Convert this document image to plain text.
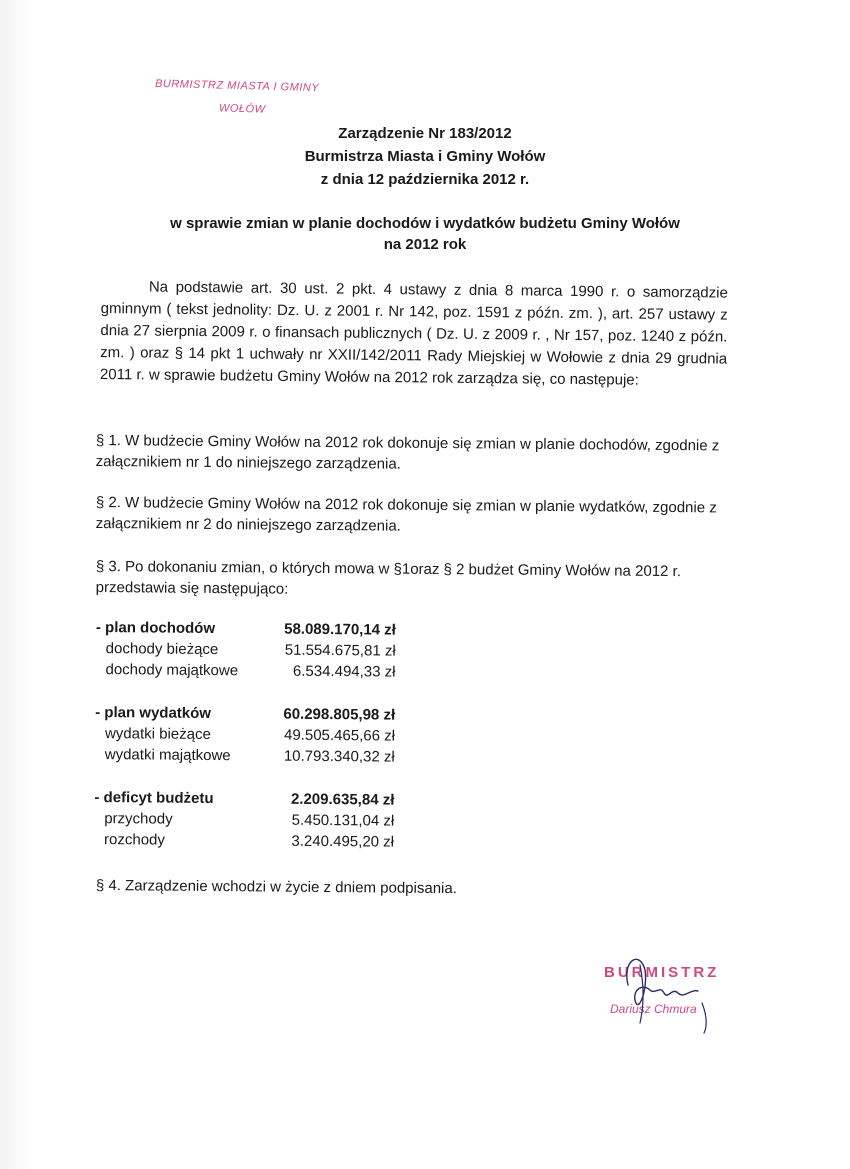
BURMISTRZ MIASTA I GMINY
WOŁÓW
Zarządzenie Nr 183/2012
Burmistrza Miasta i Gminy Wołów
z dnia 12 października 2012 r.
w sprawie zmian w planie dochodów i wydatków budżetu Gminy Wołów
na 2012 rok
Na podstawie art. 30 ust. 2 pkt. 4 ustawy z dnia 8 marca 1990 r. o samorządzie gminnym ( tekst jednolity: Dz. U. z 2001 r. Nr 142, poz. 1591 z późn. zm. ), art. 257 ustawy z dnia 27 sierpnia 2009 r. o finansach publicznych ( Dz. U. z 2009 r. , Nr 157, poz. 1240 z późn. zm. ) oraz § 14 pkt 1 uchwały nr XXII/142/2011 Rady Miejskiej w Wołowie z dnia 29 grudnia 2011 r. w sprawie budżetu Gminy Wołów na 2012 rok zarządza się, co następuje:
§ 1. W budżecie Gminy Wołów na 2012 rok dokonuje się zmian w planie dochodów, zgodnie z załącznikiem nr 1 do niniejszego zarządzenia.
§ 2. W budżecie Gminy Wołów na 2012 rok dokonuje się zmian w planie wydatków, zgodnie z załącznikiem nr 2 do niniejszego zarządzenia.
§ 3. Po dokonaniu zmian, o których mowa w §1oraz § 2 budżet Gminy Wołów na 2012 r. przedstawia się następująco:
- plan dochodów	58.089.170,14 zł
dochody bieżące	51.554.675,81 zł
dochody majątkowe	6.534.494,33 zł
- plan wydatków	60.298.805,98 zł
wydatki bieżące	49.505.465,66 zł
wydatki majątkowe	10.793.340,32 zł
- deficyt budżetu	2.209.635,84 zł
przychody	5.450.131,04 zł
rozchody	3.240.495,20 zł
§ 4. Zarządzenie wchodzi w życie z dniem podpisania.
BURMISTRZ
Dariusz Chmura
